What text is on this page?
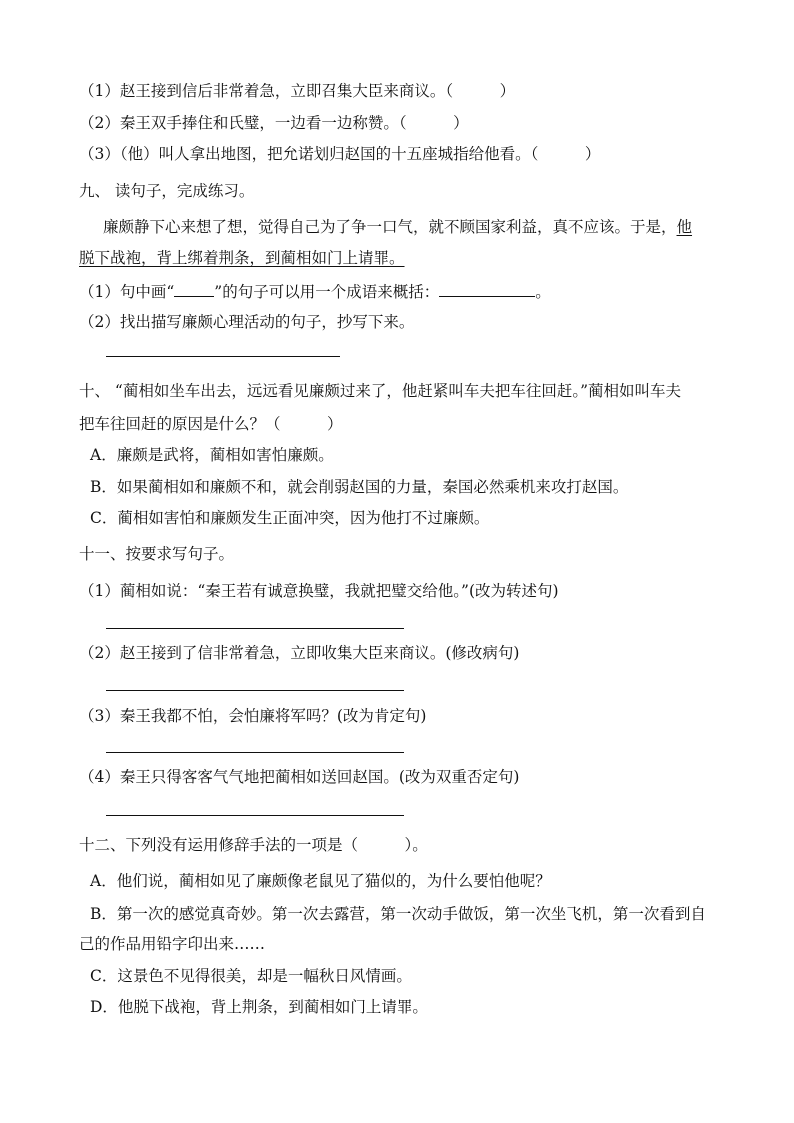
（1）赵王接到信后非常着急，立即召集大臣来商议。（　　　）
（2）秦王双手捧住和氏璧，一边看一边称赞。（　　　）
（3）（他）叫人拿出地图，把允诺划归赵国的十五座城指给他看。（　　　）
九、 读句子，完成练习。
廉颇静下心来想了想，觉得自己为了争一口气，就不顾国家利益，真不应该。于是，他
脱下战袍，背上绑着荆条，到蔺相如门上请罪。
（1）句中画“	”的句子可以用一个成语来概括：	。
（2）找出描写廉颇心理活动的句子，抄写下来。
十、 “蔺相如坐车出去，远远看见廉颇过来了，他赶紧叫车夫把车往回赶。”蔺相如叫车夫
把车往回赶的原因是什么？（　　　）
A．廉颇是武将，蔺相如害怕廉颇。
B．如果蔺相如和廉颇不和，就会削弱赵国的力量，秦国必然乘机来攻打赵国。
C．蔺相如害怕和廉颇发生正面冲突，因为他打不过廉颇。
十一、按要求写句子。
（1）蔺相如说：“秦王若有诚意换璧，我就把璧交给他。”(改为转述句)
（2）赵王接到了信非常着急，立即收集大臣来商议。(修改病句)
（3）秦王我都不怕，会怕廉将军吗？(改为肯定句)
（4）秦王只得客客气气地把蔺相如送回赵国。(改为双重否定句)
十二、下列没有运用修辞手法的一项是（　　　）。
A．他们说，蔺相如见了廉颇像老鼠见了猫似的，为什么要怕他呢？
B．第一次的感觉真奇妙。第一次去露营，第一次动手做饭，第一次坐飞机，第一次看到自
己的作品用铅字印出来……
C．这景色不见得很美，却是一幅秋日风情画。
D．他脱下战袍，背上荆条，到蔺相如门上请罪。
